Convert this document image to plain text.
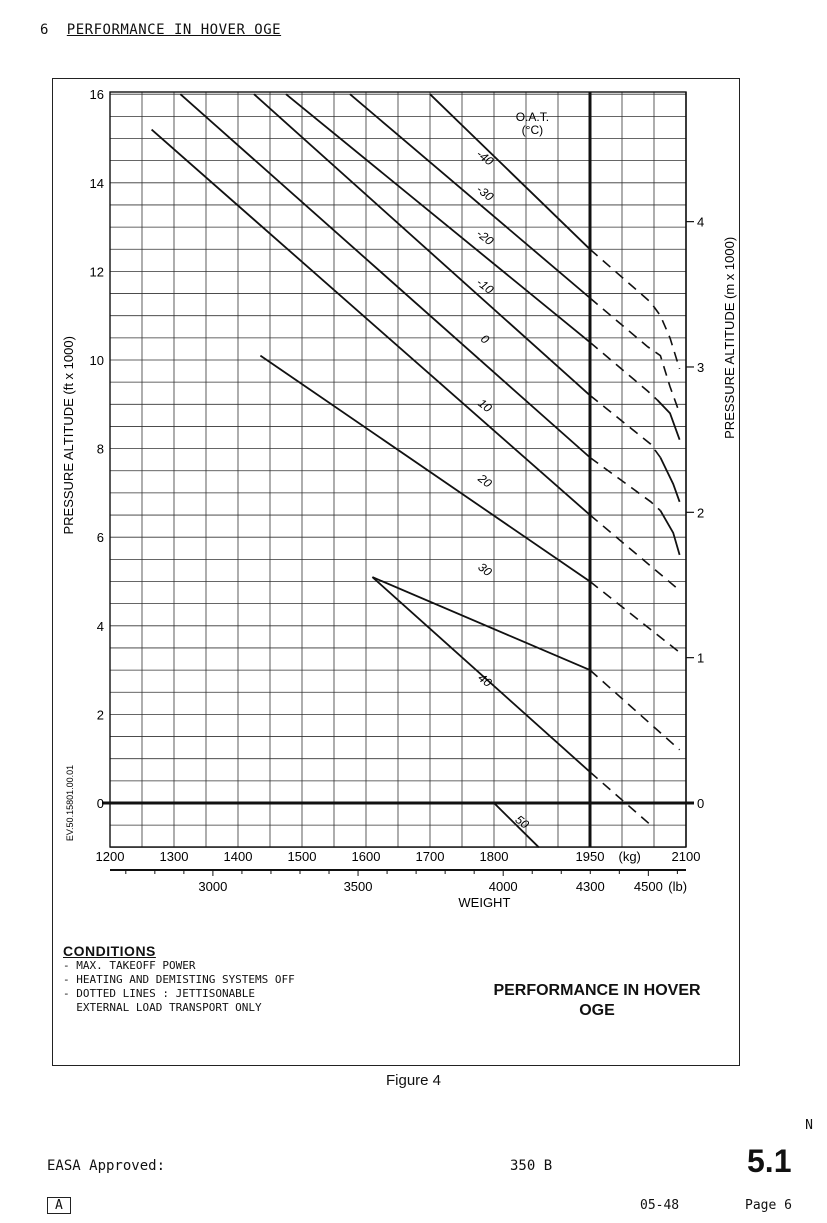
6 PERFORMANCE IN HOVER OGE
0
2
4
6
8
10
12
14
16
0
1
2
3
4
1200	1300	1400	1500	1600	1700	1800	1950	2100
(kg)
3000	3500	4000	4300 4500 (lb)
WEIGHT
PRESSURE ALTITUDE (ft x 1000)	PRESSURE ALTITUDE (m x 1000)
EV.50.15801.00.01
O.A.T.
(°C)
-40
-30
-20
-10
0
10
20
30
40
50
CONDITIONS
- MAX. TAKEOFF POWER
- HEATING AND DEMISTING SYSTEMS OFF
- DOTTED LINES : JETTISONABLE
EXTERNAL LOAD TRANSPORT ONLY
PERFORMANCE IN HOVER
OGE
Figure 4
N
EASA Approved:	350 B	5.1
A	05-48	Page 6
